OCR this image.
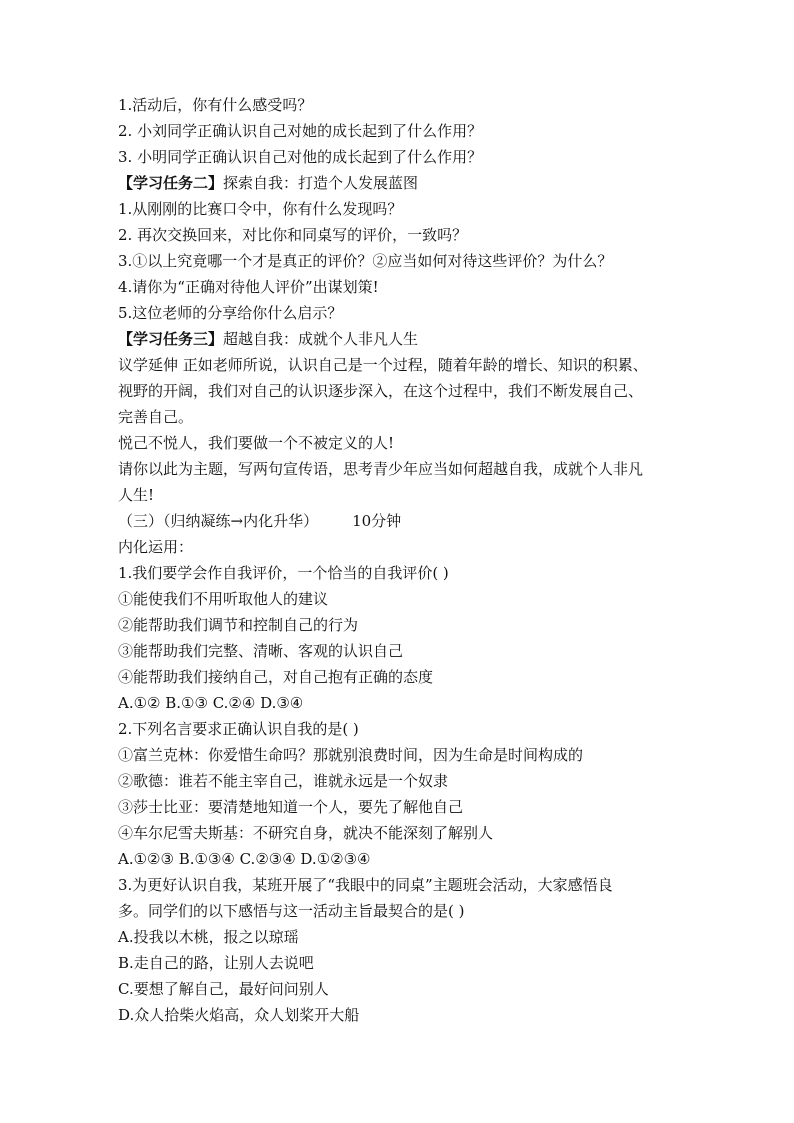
1.活动后，你有什么感受吗？
2. 小刘同学正确认识自己对她的成长起到了什么作用？
3. 小明同学正确认识自己对他的成长起到了什么作用？
【学习任务二】探索自我：打造个人发展蓝图
1.从刚刚的比赛口令中，你有什么发现吗？
2. 再次交换回来，对比你和同桌写的评价，一致吗？
3.①以上究竟哪一个才是真正的评价？②应当如何对待这些评价？为什么？
4.请你为“正确对待他人评价”出谋划策!
5.这位老师的分享给你什么启示？
【学习任务三】超越自我：成就个人非凡人生
议学延伸 正如老师所说，认识自己是一个过程，随着年龄的增长、知识的积累、
视野的开阔，我们对自己的认识逐步深入，在这个过程中，我们不断发展自己、
完善自己。
悦己不悦人，我们要做一个不被定义的人!
请你以此为主题，写两句宣传语，思考青少年应当如何超越自我，成就个人非凡
人生!
（三）（归纳凝练→内化升华） 10分钟
内化运用：
1.我们要学会作自我评价，一个恰当的自我评价( )
①能使我们不用听取他人的建议
②能帮助我们调节和控制自己的行为
③能帮助我们完整、清晰、客观的认识自己
④能帮助我们接纳自己，对自己抱有正确的态度
A.①② B.①③ C.②④ D.③④
2.下列名言要求正确认识自我的是( )
①富兰克林：你爱惜生命吗？那就别浪费时间，因为生命是时间构成的
②歌德：谁若不能主宰自己，谁就永远是一个奴隶
③莎士比亚：要清楚地知道一个人，要先了解他自己
④车尔尼雪夫斯基：不研究自身，就决不能深刻了解别人
A.①②③ B.①③④ C.②③④ D.①②③④
3.为更好认识自我，某班开展了“我眼中的同桌”主题班会活动，大家感悟良
多。同学们的以下感悟与这一活动主旨最契合的是( )
A.投我以木桃，报之以琼瑶
B.走自己的路，让别人去说吧
C.要想了解自己，最好问问别人
D.众人拾柴火焰高，众人划桨开大船
